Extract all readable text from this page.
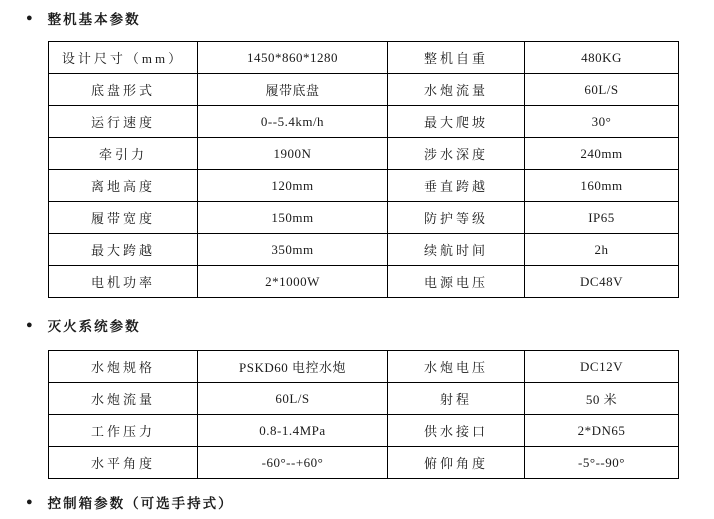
● 整机基本参数
设计尺寸（mm）	1450*860*1280	整机自重	480KG
底盘形式	履带底盘	水炮流量	60L/S
运行速度	0--5.4km/h	最大爬坡	30°
牵引力	1900N	涉水深度	240mm
离地高度	120mm	垂直跨越	160mm
履带宽度	150mm	防护等级	IP65
最大跨越	350mm	续航时间	2h
电机功率	2*1000W	电源电压	DC48V
● 灭火系统参数
水炮规格	PSKD60 电控水炮	水炮电压	DC12V
水炮流量	60L/S	射程	50 米
工作压力	0.8-1.4MPa	供水接口	2*DN65
水平角度	-60°--+60°	俯仰角度	-5°--90°
● 控制箱参数（可选手持式）
